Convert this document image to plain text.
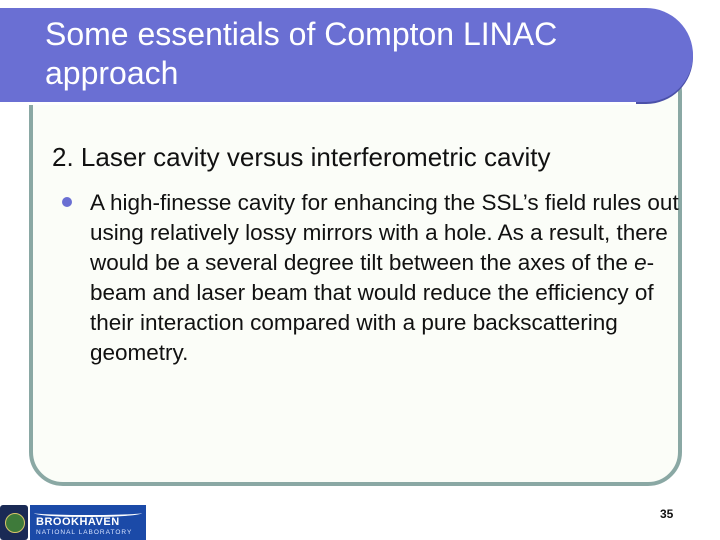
Some essentials of Compton LINAC approach
2. Laser cavity versus interferometric cavity

A high-finesse cavity for enhancing the SSL’s field rules out using relatively lossy mirrors with a hole. As a result, there would be a several degree tilt between the axes of the e-beam and laser beam that would reduce the efficiency of their interaction compared with a pure backscattering geometry.

BROOKHAVEN
NATIONAL LABORATORY
35
